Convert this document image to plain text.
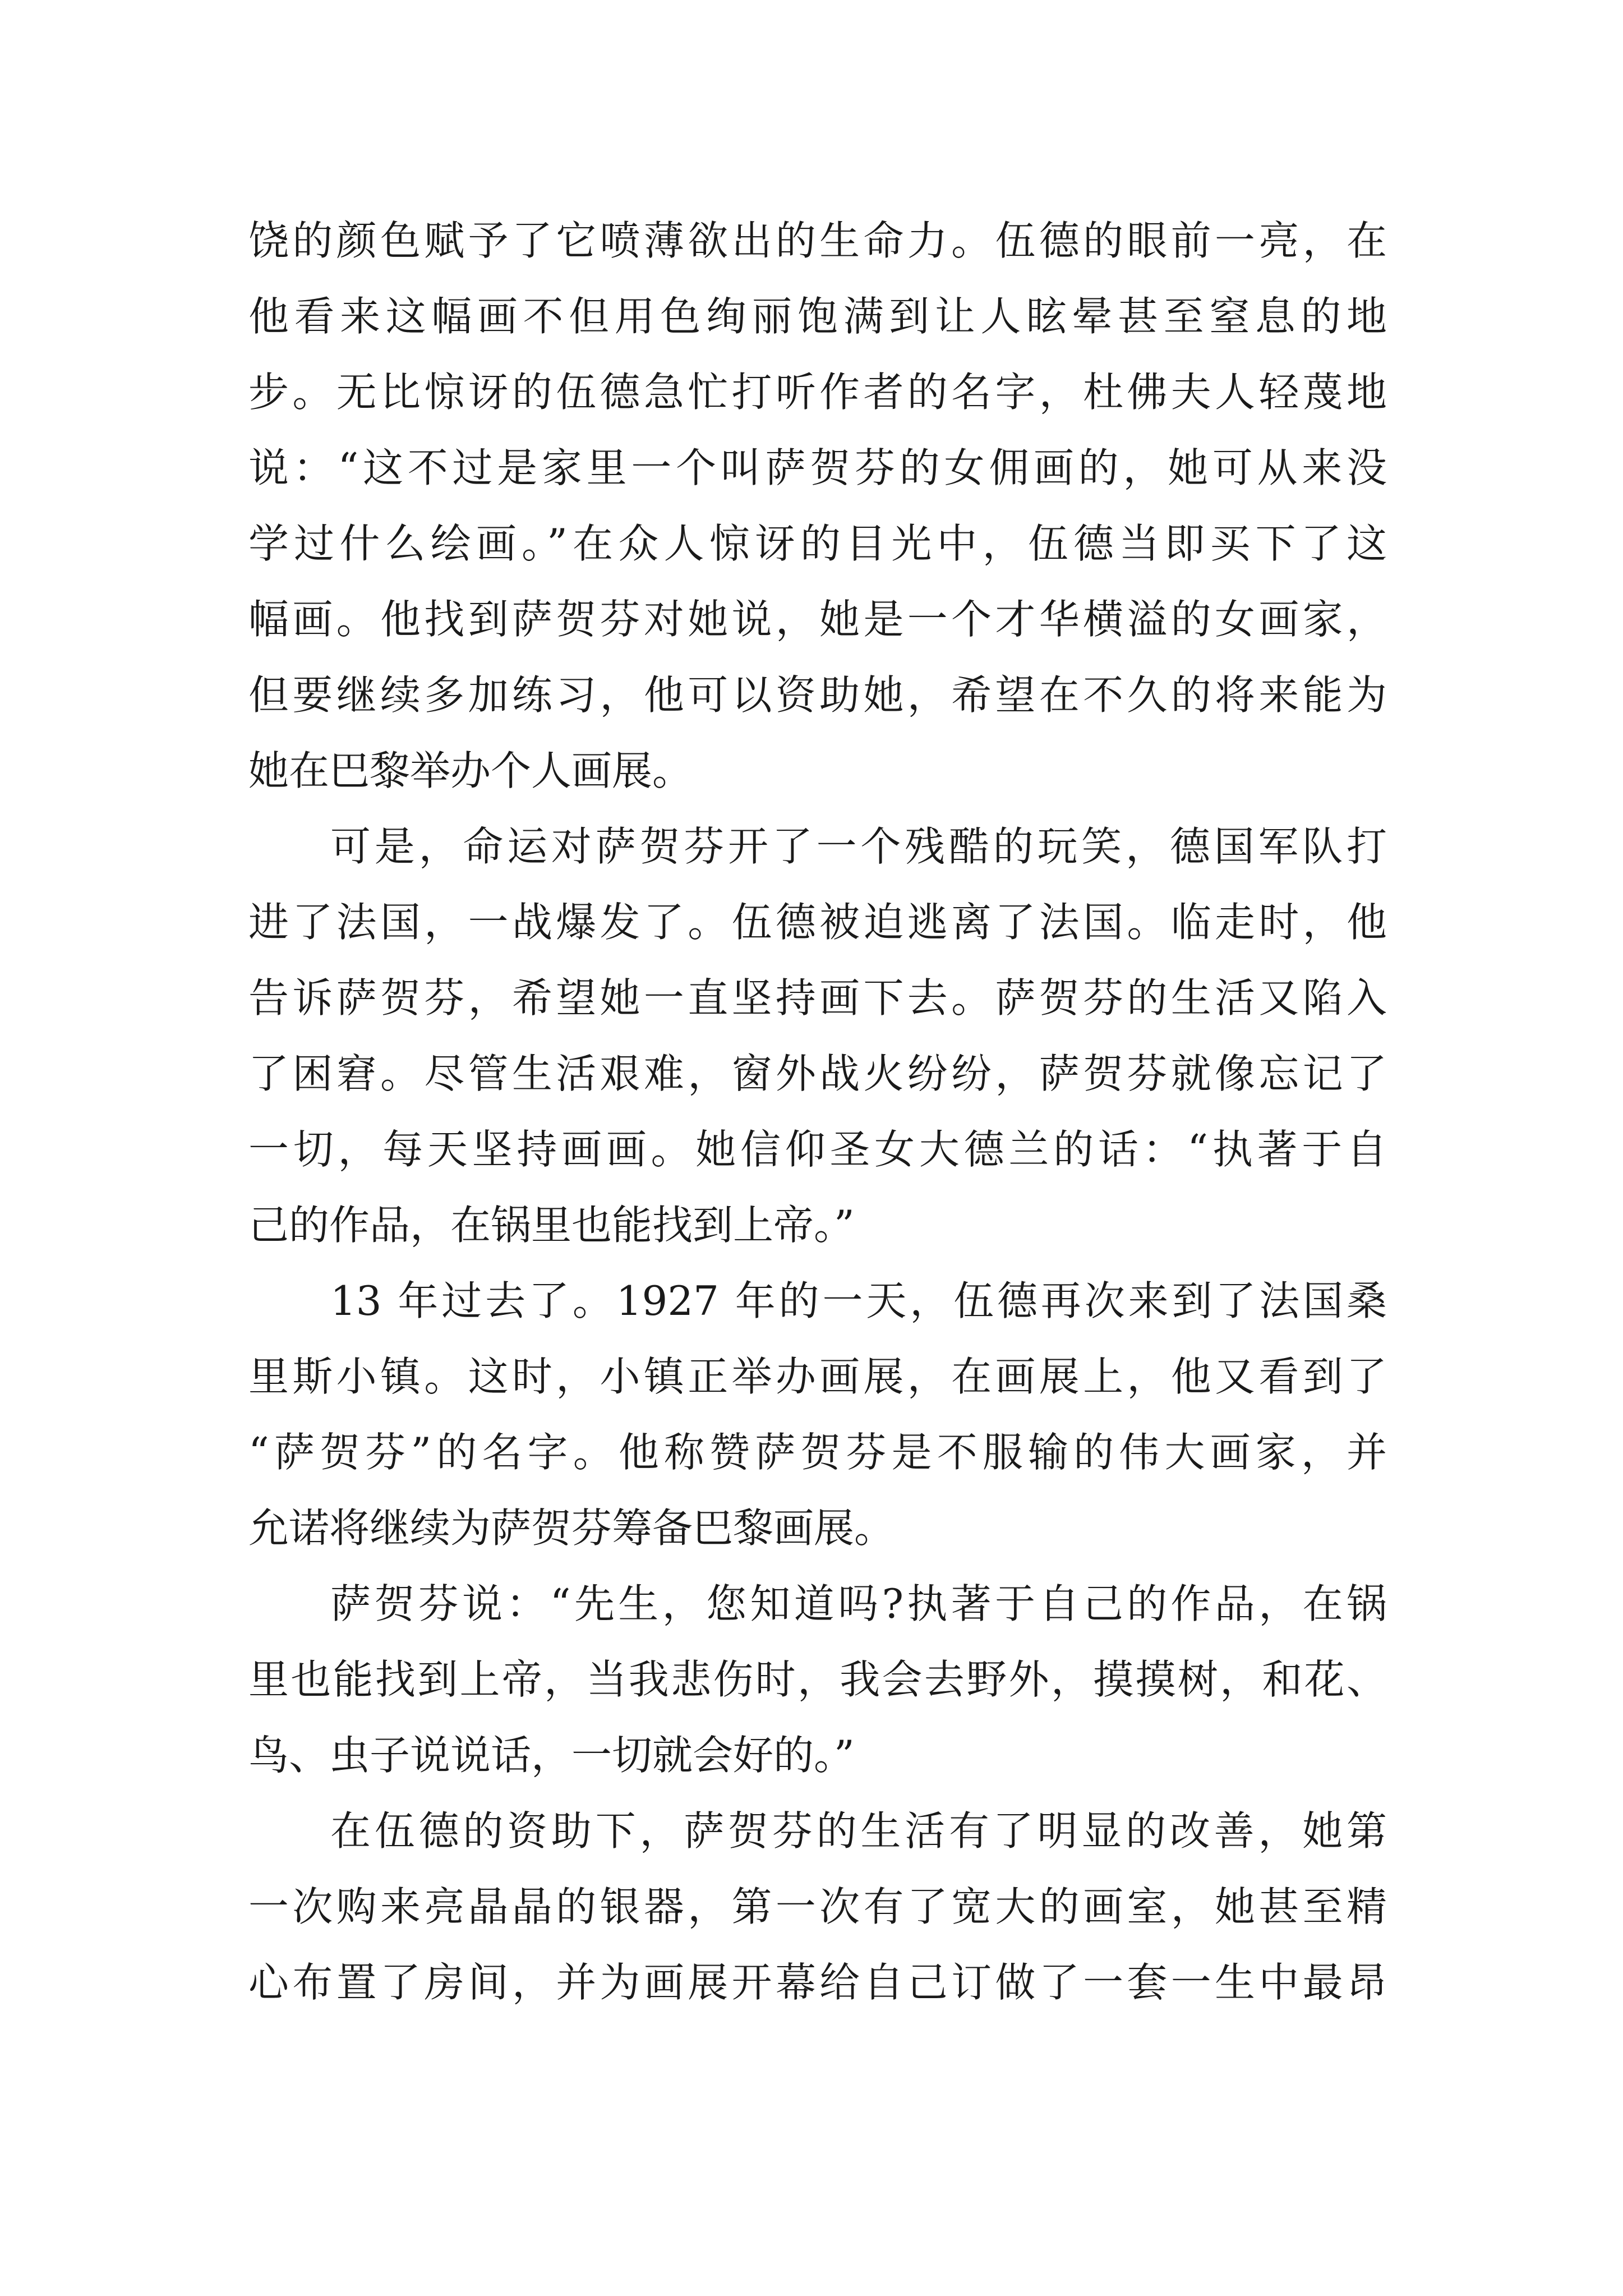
饶的颜色赋予了它喷薄欲出的生命力。伍德的眼前一亮，在
他看来这幅画不但用色绚丽饱满到让人眩晕甚至窒息的地
步。无比惊讶的伍德急忙打听作者的名字，杜佛夫人轻蔑地
说：“这不过是家里一个叫萨贺芬的女佣画的，她可从来没
学过什么绘画。”在众人惊讶的目光中，伍德当即买下了这
幅画。他找到萨贺芬对她说，她是一个才华横溢的女画家，
但要继续多加练习，他可以资助她，希望在不久的将来能为
她在巴黎举办个人画展。
可是，命运对萨贺芬开了一个残酷的玩笑，德国军队打
进了法国，一战爆发了。伍德被迫逃离了法国。临走时，他
告诉萨贺芬，希望她一直坚持画下去。萨贺芬的生活又陷入
了困窘。尽管生活艰难，窗外战火纷纷，萨贺芬就像忘记了
一切，每天坚持画画。她信仰圣女大德兰的话：“执著于自
己的作品，在锅里也能找到上帝。”
13 年过去了。1927 年的一天，伍德再次来到了法国桑
里斯小镇。这时，小镇正举办画展，在画展上，他又看到了
“萨贺芬”的名字。他称赞萨贺芬是不服输的伟大画家，并
允诺将继续为萨贺芬筹备巴黎画展。
萨贺芬说：“先生，您知道吗?执著于自己的作品，在锅
里也能找到上帝，当我悲伤时，我会去野外，摸摸树，和花、
鸟、虫子说说话，一切就会好的。”
在伍德的资助下，萨贺芬的生活有了明显的改善，她第
一次购来亮晶晶的银器，第一次有了宽大的画室，她甚至精
心布置了房间，并为画展开幕给自己订做了一套一生中最昂
